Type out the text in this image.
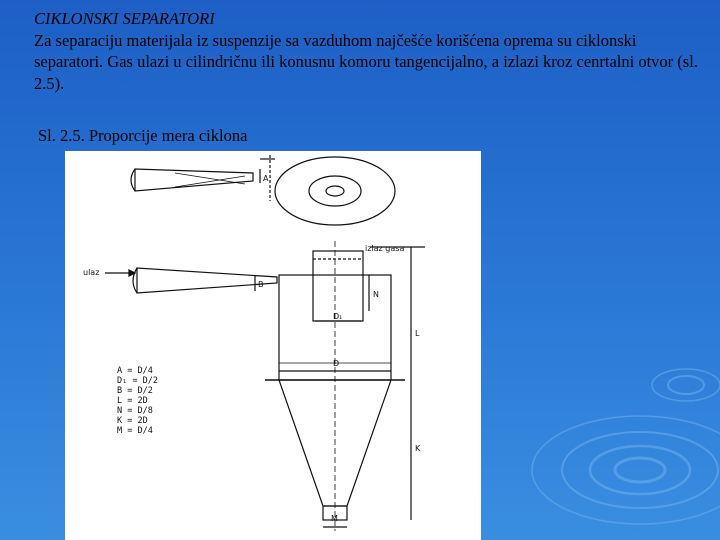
CIKLONSKI SEPARATORI
Za separaciju materijala iz suspenzije sa vazduhom najčešće korišćena oprema su ciklonski separatori. Gas ulazi u cilindričnu ili konusnu komoru tangencijalno, a izlazi kroz cenrtalni otvor (sl. 2.5).
Sl. 2.5. Proporcije mera ciklona
ulaz
izlaz gasa
A
B
D₁
D
L
K
N
M
A = D/4
D₁ = D/2
B = D/2
L = 2D
N = D/8
K = 2D
M = D/4
